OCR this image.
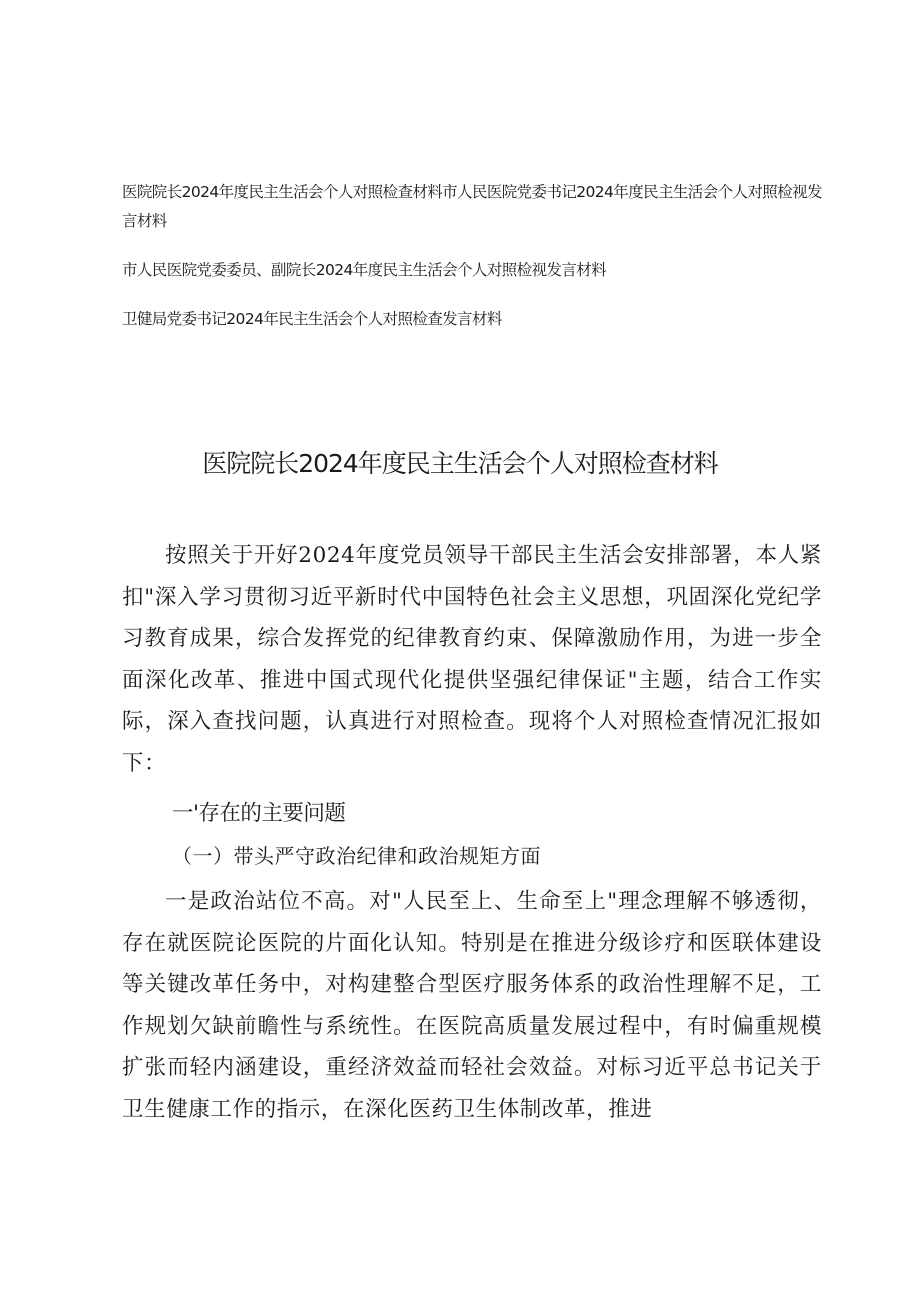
医院院长2024年度民主生活会个人对照检查材料市人民医院党委书记2024年度民主生活会个人对照检视发言材料
市人民医院党委委员、副院长2024年度民主生活会个人对照检视发言材料
卫健局党委书记2024年民主生活会个人对照检查发言材料
医院院长2024年度民主生活会个人对照检查材料

按照关于开好2024年度党员领导干部民主生活会安排部署，本人紧扣"深入学习贯彻习近平新时代中国特色社会主义思想，巩固深化党纪学习教育成果，综合发挥党的纪律教育约束、保障激励作用，为进一步全面深化改革、推进中国式现代化提供坚强纪律保证"主题，结合工作实际，深入查找问题，认真进行对照检查。现将个人对照检查情况汇报如下：

一'存在的主要问题
（一）带头严守政治纪律和政治规矩方面

一是政治站位不高。对"人民至上、生命至上"理念理解不够透彻，存在就医院论医院的片面化认知。特别是在推进分级诊疗和医联体建设等关键改革任务中，对构建整合型医疗服务体系的政治性理解不足，工作规划欠缺前瞻性与系统性。在医院高质量发展过程中，有时偏重规模扩张而轻内涵建设，重经济效益而轻社会效益。对标习近平总书记关于卫生健康工作的指示，在深化医药卫生体制改革，推进
